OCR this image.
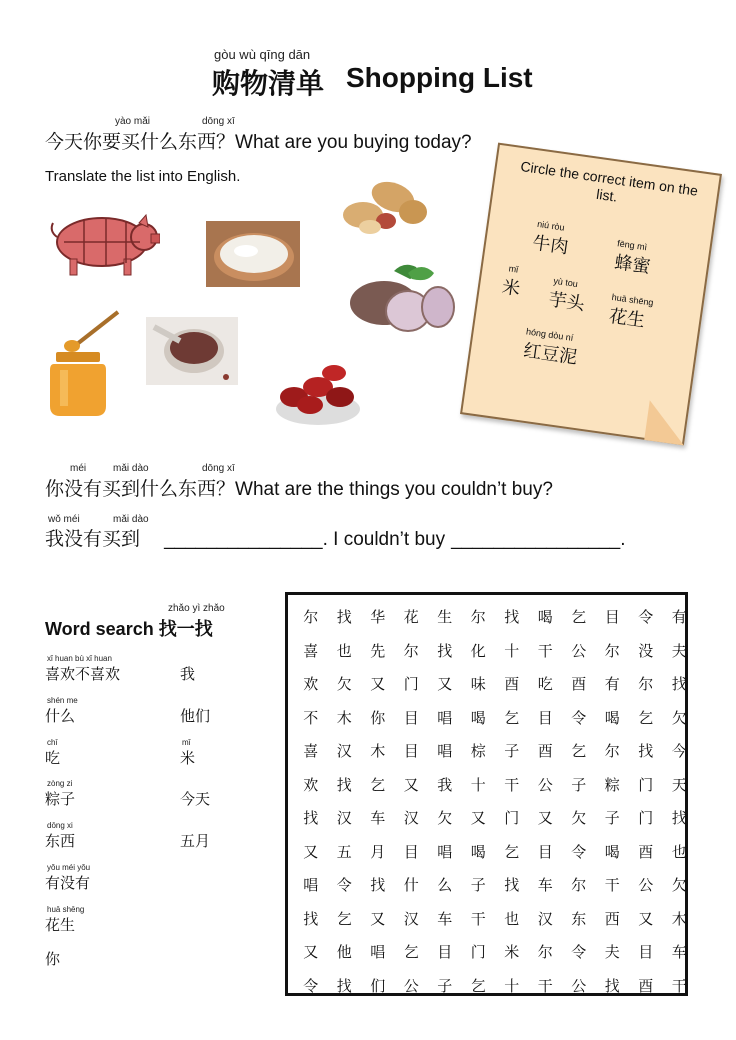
gòu wù qīng dān
购物清单 Shopping List
yào mǎi	dōng xī
今天你要买什么东西？What are you buying today?
Translate the list into English.	Circle the correct item on the list.
niú ròu
牛肉	fēng mì
蜂蜜
mǐ
米	yù tou
芋头	huā shēng
花生
hóng dòu ní
红豆泥
méi	mǎi dào	dōng xī
你没有买到什么东西？What are the things you couldn’t buy?
wǒ méi	mǎi dào
我没有买到 _______________. I couldn’t buy ________________.
zhǎo yì zhǎo
Word search 找一找
xǐ huan bù xǐ huan
喜欢不喜欢
shén me
什么
chī
吃
zòng zi
粽子
dōng xi
东西
yǒu méi yǒu
有没有
huā shēng
花生
你
我
他们
mǐ
米
今天
五月
尔	找	华	花	生	尔	找	喝	乞	目	令	有
喜	也	先	尔	找	化	十	干	公	尔	没	夫
欢	欠	又	门	又	味	酉	吃	酉	有	尔	找
不	木	你	目	唱	喝	乞	目	令	喝	乞	欠
喜	汉	木	目	唱	棕	子	酉	乞	尔	找	今
欢	找	乞	又	我	十	干	公	子	粽	门	天
找	汉	车	汉	欠	又	门	又	欠	子	门	找
又	五	月	目	唱	喝	乞	目	令	喝	酉	也
唱	令	找	什	么	子	找	车	尔	干	公	欠
找	乞	又	汉	车	干	也	汉	东	西	又	木
又	他	唱	乞	目	门	米	尔	令	夫	目	车
令	找	们	公	子	乞	十	干	公	找	酉	干
